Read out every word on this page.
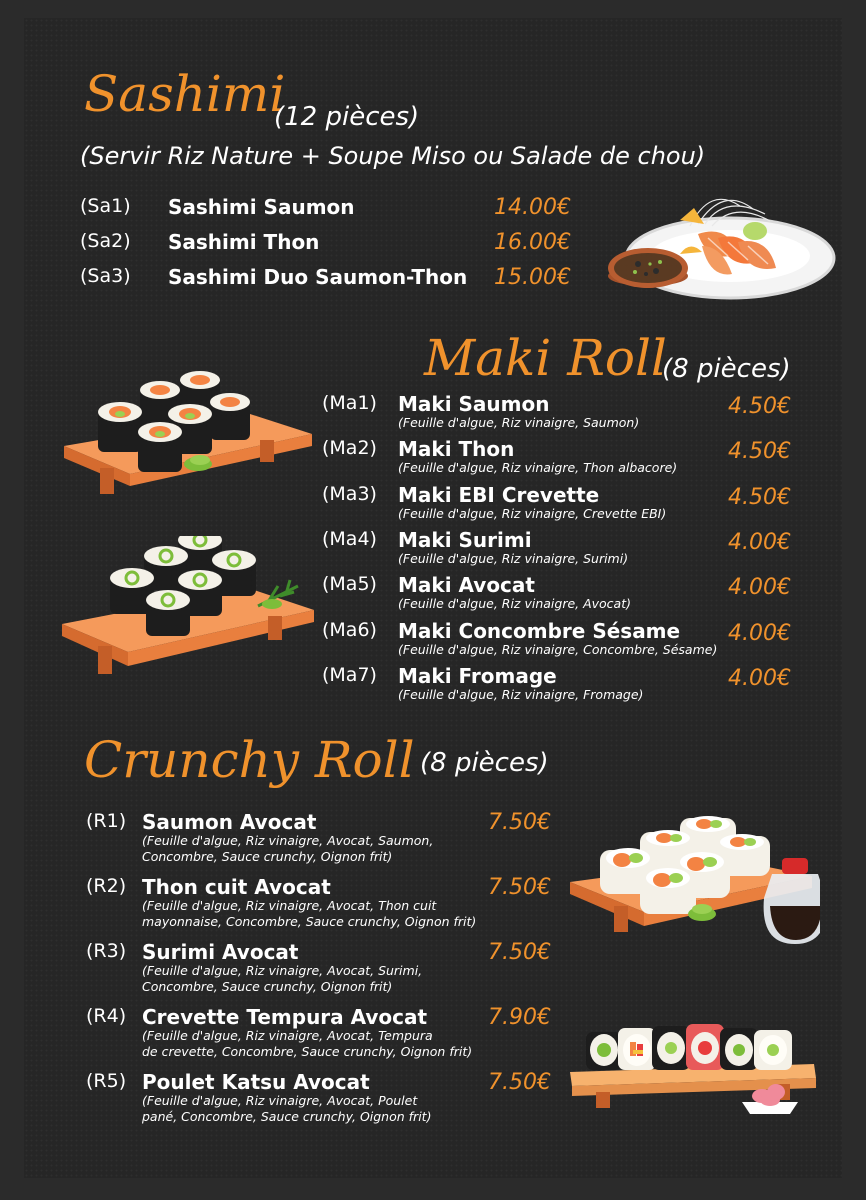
Sashimi
(12 pièces)
(Servir Riz Nature + Soupe Miso ou Salade de chou)
(Sa1) Sashimi Saumon	14.00€
(Sa2) Sashimi Thon	16.00€
(Sa3) Sashimi Duo Saumon-Thon 15.00€
Maki Roll
(8 pièces)
(Ma1) Maki Saumon
(Feuille d'algue, Riz vinaigre, Saumon)
4.50€
(Ma2) Maki Thon
(Feuille d'algue, Riz vinaigre, Thon albacore)
4.50€
(Ma3) Maki EBI Crevette
(Feuille d'algue, Riz vinaigre, Crevette EBI)
4.50€
(Ma4) Maki Surimi
(Feuille d'algue, Riz vinaigre, Surimi)
4.00€
(Ma5) Maki Avocat
(Feuille d'algue, Riz vinaigre, Avocat)
4.00€
(Ma6) Maki Concombre Sésame
(Feuille d'algue, Riz vinaigre, Concombre, Sésame)
4.00€
(Ma7) Maki Fromage
(Feuille d'algue, Riz vinaigre, Fromage)
4.00€
Crunchy Roll (8 pièces)
(R1) Saumon Avocat
(Feuille d'algue, Riz vinaigre, Avocat, Saumon,
Concombre, Sauce crunchy, Oignon frit)
7.50€
(R2) Thon cuit Avocat
(Feuille d'algue, Riz vinaigre, Avocat, Thon cuit
mayonnaise, Concombre, Sauce crunchy, Oignon frit)
7.50€
(R3) Surimi Avocat
(Feuille d'algue, Riz vinaigre, Avocat, Surimi,
Concombre, Sauce crunchy, Oignon frit)
7.50€
(R4) Crevette Tempura Avocat
(Feuille d'algue, Riz vinaigre, Avocat, Tempura
de crevette, Concombre, Sauce crunchy, Oignon frit)
7.90€
(R5) Poulet Katsu Avocat
(Feuille d'algue, Riz vinaigre, Avocat, Poulet
pané, Concombre, Sauce crunchy, Oignon frit)
7.50€
